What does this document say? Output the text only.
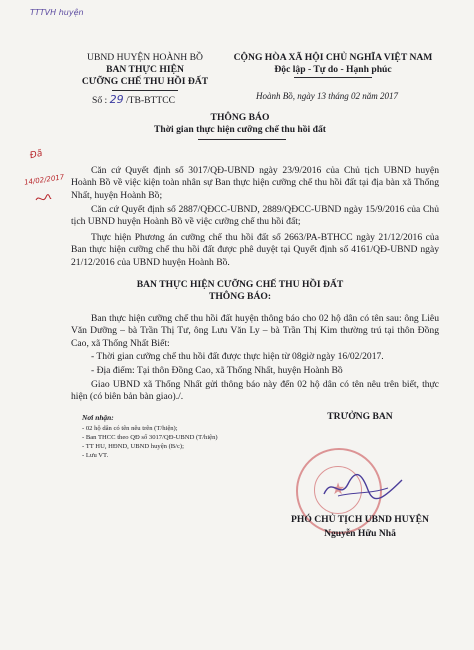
TTTVH huyện
Đã
14/02/2017
UBND HUYỆN HOÀNH BỒ
BAN THỰC HIỆN
CƯỠNG CHẾ THU HỒI ĐẤT
Số : 29 /TB-BTTCC
CỘNG HÒA XÃ HỘI CHỦ NGHĨA VIỆT NAM
Độc lập - Tự do - Hạnh phúc
Hoành Bồ, ngày 13 tháng 02 năm 2017
THÔNG BÁO
Thời gian thực hiện cưỡng chế thu hồi đất

Căn cứ Quyết định số 3017/QĐ-UBND ngày 23/9/2016 của Chủ tịch UBND huyện Hoành Bồ về việc kiện toàn nhân sự Ban thực hiện cưỡng chế thu hồi đất tại địa bàn xã Thống Nhất, huyện Hoành Bồ;

Căn cứ Quyết định số 2887/QĐCC-UBND, 2889/QĐCC-UBND ngày 15/9/2016 của Chủ tịch UBND huyện Hoành Bồ về việc cưỡng chế thu hồi đất;

Thực hiện Phương án cưỡng chế thu hồi đất số 2663/PA-BTHCC ngày 21/12/2016 của Ban thực hiện cưỡng chế thu hồi đất được phê duyệt tại Quyết định số 4161/QĐ-UBND ngày 21/12/2016 của UBND huyện Hoành Bồ.

BAN THỰC HIỆN CƯỠNG CHẾ THU HỒI ĐẤT
THÔNG BÁO:

Ban thực hiện cưỡng chế thu hồi đất huyện thông báo cho 02 hộ dân có tên sau: ông Liêu Văn Dưỡng – bà Trần Thị Tư, ông Lưu Văn Ly – bà Trần Thị Kim thường trú tại thôn Đồng Cao, xã Thống Nhất Biết:

- Thời gian cưỡng chế thu hồi đất được thực hiện từ 08giờ ngày 16/02/2017.
- Địa điểm: Tại thôn Đồng Cao, xã Thống Nhất, huyện Hoành Bồ

Giao UBND xã Thống Nhất gửi thông báo này đến 02 hộ dân có tên nêu trên biết, thực hiện (có biên bản bàn giao)./.

Nơi nhận:
- 02 hộ dân có tên nêu trên (T/hiện);
- Ban THCC theo QĐ số 3017/QĐ-UBND (T/hiện)
- TT HU, HĐND, UBND huyện (B/c);
- Lưu VT.
TRƯỞNG BAN
★
PHÓ CHỦ TỊCH UBND HUYỆN
Nguyễn Hữu Nhã
